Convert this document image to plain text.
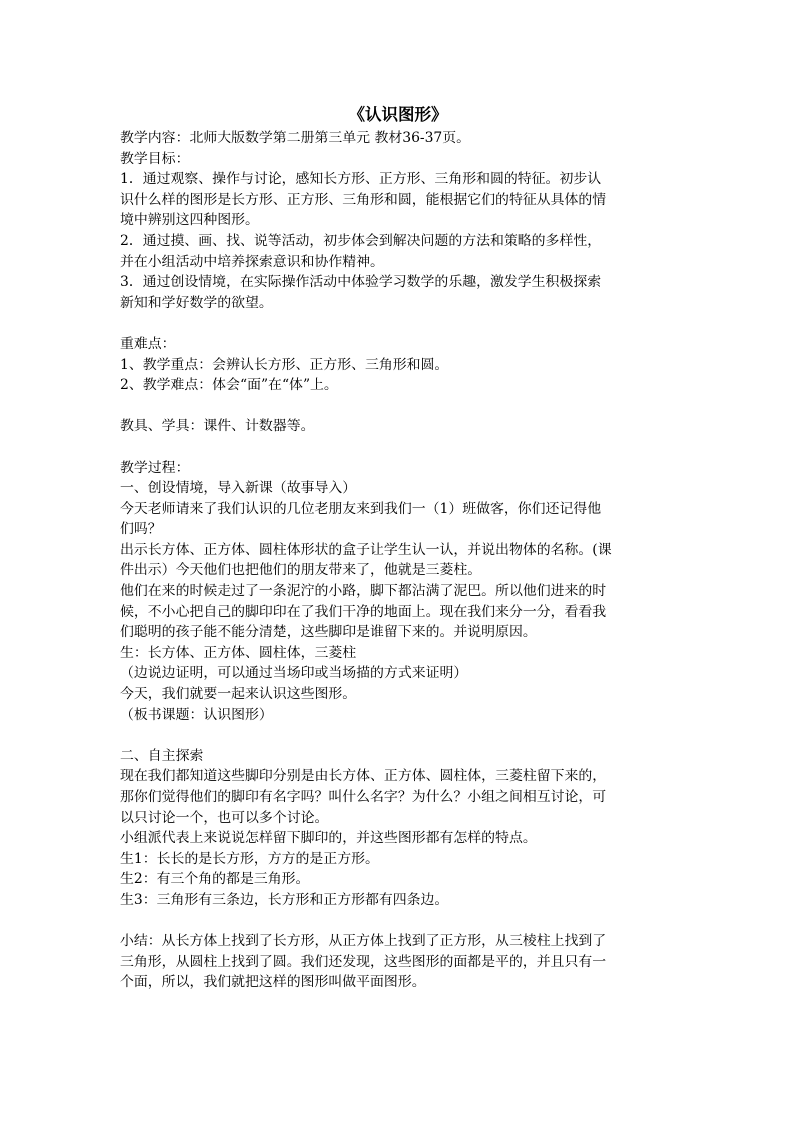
《认识图形》
教学内容：北师大版数学第二册第三单元 教材36-37页。
教学目标：
1．通过观察、操作与讨论，感知长方形、正方形、三角形和圆的特征。初步认
识什么样的图形是长方形、正方形、三角形和圆，能根据它们的特征从具体的情
境中辨别这四种图形。
2．通过摸、画、找、说等活动，初步体会到解决问题的方法和策略的多样性，
并在小组活动中培养探索意识和协作精神。
3．通过创设情境，在实际操作活动中体验学习数学的乐趣，激发学生积极探索
新知和学好数学的欲望。
重难点：
1、教学重点：会辨认长方形、正方形、三角形和圆。
2、教学难点：体会“面”在“体”上。
教具、学具：课件、计数器等。
教学过程：
一、创设情境，导入新课（故事导入）
今天老师请来了我们认识的几位老朋友来到我们一（1）班做客，你们还记得他
们吗？
出示长方体、正方体、圆柱体形状的盒子让学生认一认，并说出物体的名称。(课
件出示）今天他们也把他们的朋友带来了，他就是三菱柱。
他们在来的时候走过了一条泥泞的小路，脚下都沾满了泥巴。所以他们进来的时
候，不小心把自己的脚印印在了我们干净的地面上。现在我们来分一分，看看我
们聪明的孩子能不能分清楚，这些脚印是谁留下来的。并说明原因。
生：长方体、正方体、圆柱体，三菱柱
（边说边证明，可以通过当场印或当场描的方式来证明）
今天，我们就要一起来认识这些图形。
（板书课题：认识图形）
二、自主探索
现在我们都知道这些脚印分别是由长方体、正方体、圆柱体，三菱柱留下来的，
那你们觉得他们的脚印有名字吗？叫什么名字？为什么？小组之间相互讨论，可
以只讨论一个，也可以多个讨论。
小组派代表上来说说怎样留下脚印的，并这些图形都有怎样的特点。
生1：长长的是长方形，方方的是正方形。
生2：有三个角的都是三角形。
生3：三角形有三条边，长方形和正方形都有四条边。
小结：从长方体上找到了长方形，从正方体上找到了正方形，从三棱柱上找到了
三角形，从圆柱上找到了圆。我们还发现，这些图形的面都是平的，并且只有一
个面，所以，我们就把这样的图形叫做平面图形。
